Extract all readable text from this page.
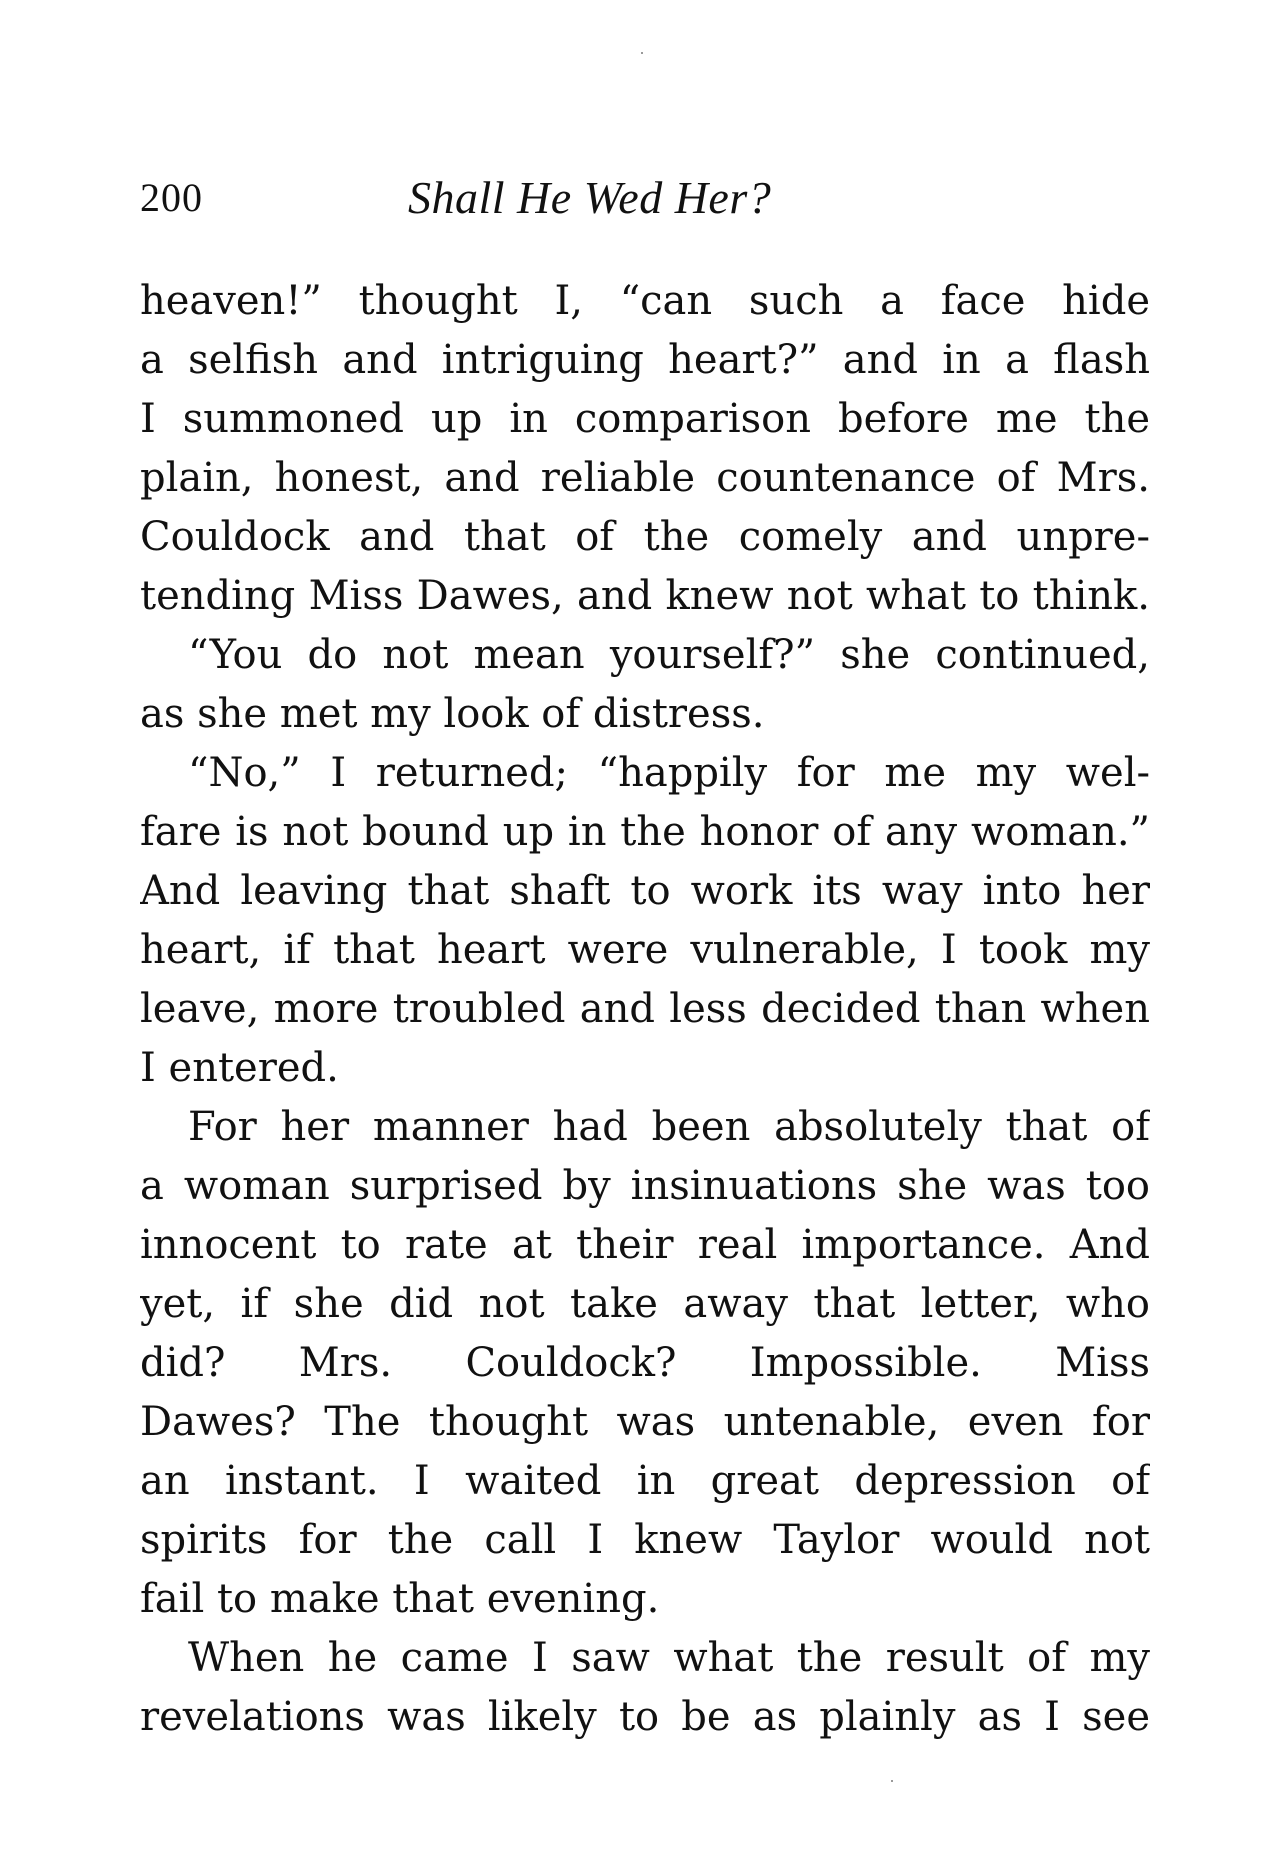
200	Shall He Wed Her?
heaven!” thought I, “can such a face hide
a selfish and intriguing heart?” and in a flash
I summoned up in comparison before me the
plain, honest, and reliable countenance of Mrs.
Couldock and that of the comely and unpre-
tending Miss Dawes, and knew not what to think.
“You do not mean yourself?” she continued,
as she met my look of distress.
“No,” I returned; “happily for me my wel-
fare is not bound up in the honor of any woman.”
And leaving that shaft to work its way into her
heart, if that heart were vulnerable, I took my
leave, more troubled and less decided than when
I entered.
For her manner had been absolutely that of
a woman surprised by insinuations she was too
innocent to rate at their real importance. And
yet, if she did not take away that letter, who
did? Mrs. Couldock? Impossible. Miss
Dawes? The thought was untenable, even for
an instant. I waited in great depression of
spirits for the call I knew Taylor would not
fail to make that evening.
When he came I saw what the result of my
revelations was likely to be as plainly as I see
